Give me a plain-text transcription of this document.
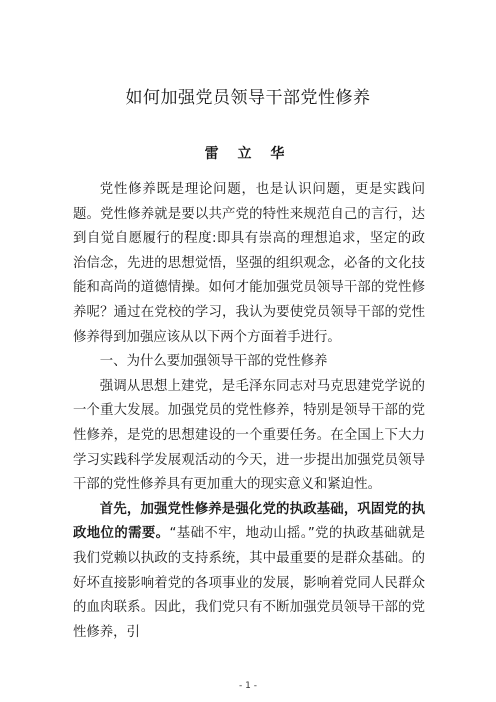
如何加强党员领导干部党性修养
雷 立 华

党性修养既是理论问题，也是认识问题，更是实践问题。党性修养就是要以共产党的特性来规范自己的言行，达到自觉自愿履行的程度:即具有崇高的理想追求，坚定的政治信念，先进的思想觉悟，坚强的组织观念，必备的文化技能和高尚的道德情操。如何才能加强党员领导干部的党性修养呢？通过在党校的学习，我认为要使党员领导干部的党性修养得到加强应该从以下两个方面着手进行。

一、为什么要加强领导干部的党性修养

强调从思想上建党，是毛泽东同志对马克思建党学说的一个重大发展。加强党员的党性修养，特别是领导干部的党性修养，是党的思想建设的一个重要任务。在全国上下大力学习实践科学发展观活动的今天，进一步提出加强党员领导干部的党性修养具有更加重大的现实意义和紧迫性。

首先，加强党性修养是强化党的执政基础，巩固党的执政地位的需要。“基础不牢，地动山摇。”党的执政基础就是我们党赖以执政的支持系统，其中最重要的是群众基础。的好坏直接影响着党的各项事业的发展，影响着党同人民群众的血肉联系。因此，我们党只有不断加强党员领导干部的党性修养，引

- 1 -
